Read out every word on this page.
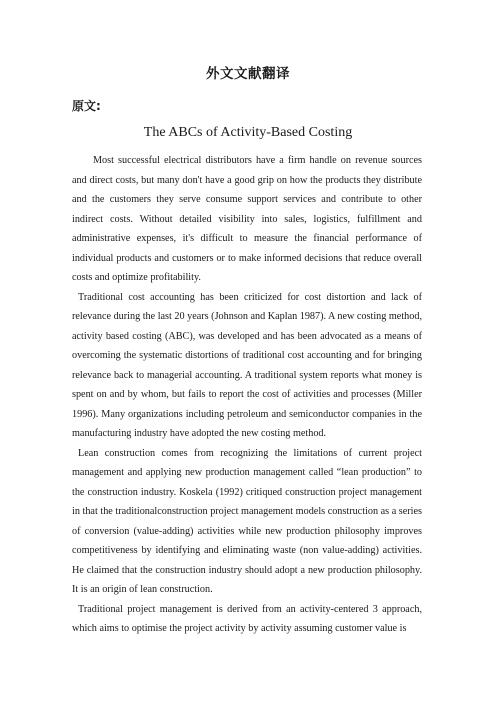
外文文献翻译
原文:
The ABCs of Activity-Based Costing

Most successful electrical distributors have a firm handle on revenue sources and direct costs, but many don't have a good grip on how the products they distribute and the customers they serve consume support services and contribute to other indirect costs. Without detailed visibility into sales, logistics, fulfillment and administrative expenses, it's difficult to measure the financial performance of individual products and customers or to make informed decisions that reduce overall costs and optimize profitability.

Traditional cost accounting has been criticized for cost distortion and lack of relevance during the last 20 years (Johnson and Kaplan 1987). A new costing method, activity based costing (ABC), was developed and has been advocated as a means of overcoming the systematic distortions of traditional cost accounting and for bringing relevance back to managerial accounting. A traditional system reports what money is spent on and by whom, but fails to report the cost of activities and processes (Miller 1996). Many organizations including petroleum and semiconductor companies in the manufacturing industry have adopted the new costing method.

Lean construction comes from recognizing the limitations of current project management and applying new production management called “lean production” to the construction industry. Koskela (1992) critiqued construction project management in that the traditionalconstruction project management models construction as a series of conversion (value-adding) activities while new production philosophy improves competitiveness by identifying and eliminating waste (non value-adding) activities. He claimed that the construction industry should adopt a new production philosophy. It is an origin of lean construction.

Traditional project management is derived from an activity-centered 3 approach, which aims to optimise the project activity by activity assuming customer value is
